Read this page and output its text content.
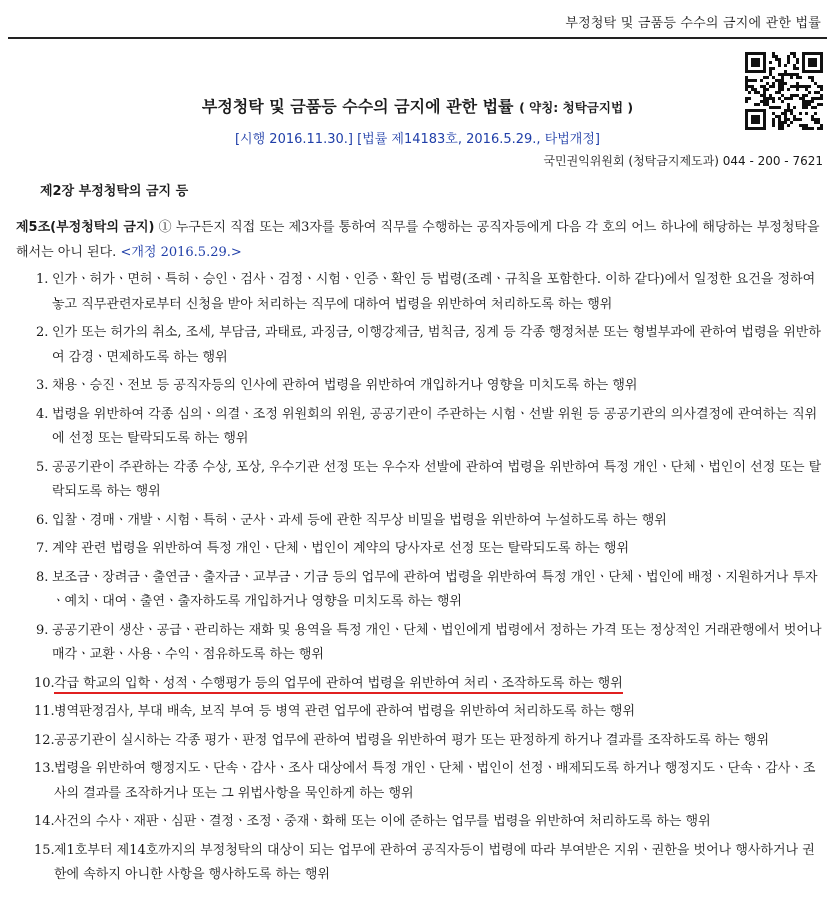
부정청탁 및 금품등 수수의 금지에 관한 법률
부정청탁 및 금품등 수수의 금지에 관한 법률 ( 약칭: 청탁금지법 )
[시행 2016.11.30.] [법률 제14183호, 2016.5.29., 타법개정]
국민권익위원회 (청탁금지제도과) 044 - 200 - 7621
제2장 부정청탁의 금지 등
제5조(부정청탁의 금지) ① 누구든지 직접 또는 제3자를 통하여 직무를 수행하는 공직자등에게 다음 각 호의 어느 하나에 해당하는 부정청탁을 해서는 아니 된다. <개정 2016.5.29.>
1. 인가ㆍ허가ㆍ면허ㆍ특허ㆍ승인ㆍ검사ㆍ검정ㆍ시험ㆍ인증ㆍ확인 등 법령(조례ㆍ규칙을 포함한다. 이하 같다)에서 일정한 요건을 정하여 놓고 직무관련자로부터 신청을 받아 처리하는 직무에 대하여 법령을 위반하여 처리하도록 하는 행위
2. 인가 또는 허가의 취소, 조세, 부담금, 과태료, 과징금, 이행강제금, 범칙금, 징계 등 각종 행정처분 또는 형벌부과에 관하여 법령을 위반하여 감경ㆍ면제하도록 하는 행위
3. 채용ㆍ승진ㆍ전보 등 공직자등의 인사에 관하여 법령을 위반하여 개입하거나 영향을 미치도록 하는 행위
4. 법령을 위반하여 각종 심의ㆍ의결ㆍ조정 위원회의 위원, 공공기관이 주관하는 시험ㆍ선발 위원 등 공공기관의 의사결정에 관여하는 직위에 선정 또는 탈락되도록 하는 행위
5. 공공기관이 주관하는 각종 수상, 포상, 우수기관 선정 또는 우수자 선발에 관하여 법령을 위반하여 특정 개인ㆍ단체ㆍ법인이 선정 또는 탈락되도록 하는 행위
6. 입찰ㆍ경매ㆍ개발ㆍ시험ㆍ특허ㆍ군사ㆍ과세 등에 관한 직무상 비밀을 법령을 위반하여 누설하도록 하는 행위
7. 계약 관련 법령을 위반하여 특정 개인ㆍ단체ㆍ법인이 계약의 당사자로 선정 또는 탈락되도록 하는 행위
8. 보조금ㆍ장려금ㆍ출연금ㆍ출자금ㆍ교부금ㆍ기금 등의 업무에 관하여 법령을 위반하여 특정 개인ㆍ단체ㆍ법인에 배정ㆍ지원하거나 투자ㆍ예치ㆍ대여ㆍ출연ㆍ출자하도록 개입하거나 영향을 미치도록 하는 행위
9. 공공기관이 생산ㆍ공급ㆍ관리하는 재화 및 용역을 특정 개인ㆍ단체ㆍ법인에게 법령에서 정하는 가격 또는 정상적인 거래관행에서 벗어나 매각ㆍ교환ㆍ사용ㆍ수익ㆍ점유하도록 하는 행위
10. 각급 학교의 입학ㆍ성적ㆍ수행평가 등의 업무에 관하여 법령을 위반하여 처리ㆍ조작하도록 하는 행위
11. 병역판정검사, 부대 배속, 보직 부여 등 병역 관련 업무에 관하여 법령을 위반하여 처리하도록 하는 행위
12. 공공기관이 실시하는 각종 평가ㆍ판정 업무에 관하여 법령을 위반하여 평가 또는 판정하게 하거나 결과를 조작하도록 하는 행위
13. 법령을 위반하여 행정지도ㆍ단속ㆍ감사ㆍ조사 대상에서 특정 개인ㆍ단체ㆍ법인이 선정ㆍ배제되도록 하거나 행정지도ㆍ단속ㆍ감사ㆍ조사의 결과를 조작하거나 또는 그 위법사항을 묵인하게 하는 행위
14. 사건의 수사ㆍ재판ㆍ심판ㆍ결정ㆍ조정ㆍ중재ㆍ화해 또는 이에 준하는 업무를 법령을 위반하여 처리하도록 하는 행위
15. 제1호부터 제14호까지의 부정청탁의 대상이 되는 업무에 관하여 공직자등이 법령에 따라 부여받은 지위ㆍ권한을 벗어나 행사하거나 권한에 속하지 아니한 사항을 행사하도록 하는 행위
